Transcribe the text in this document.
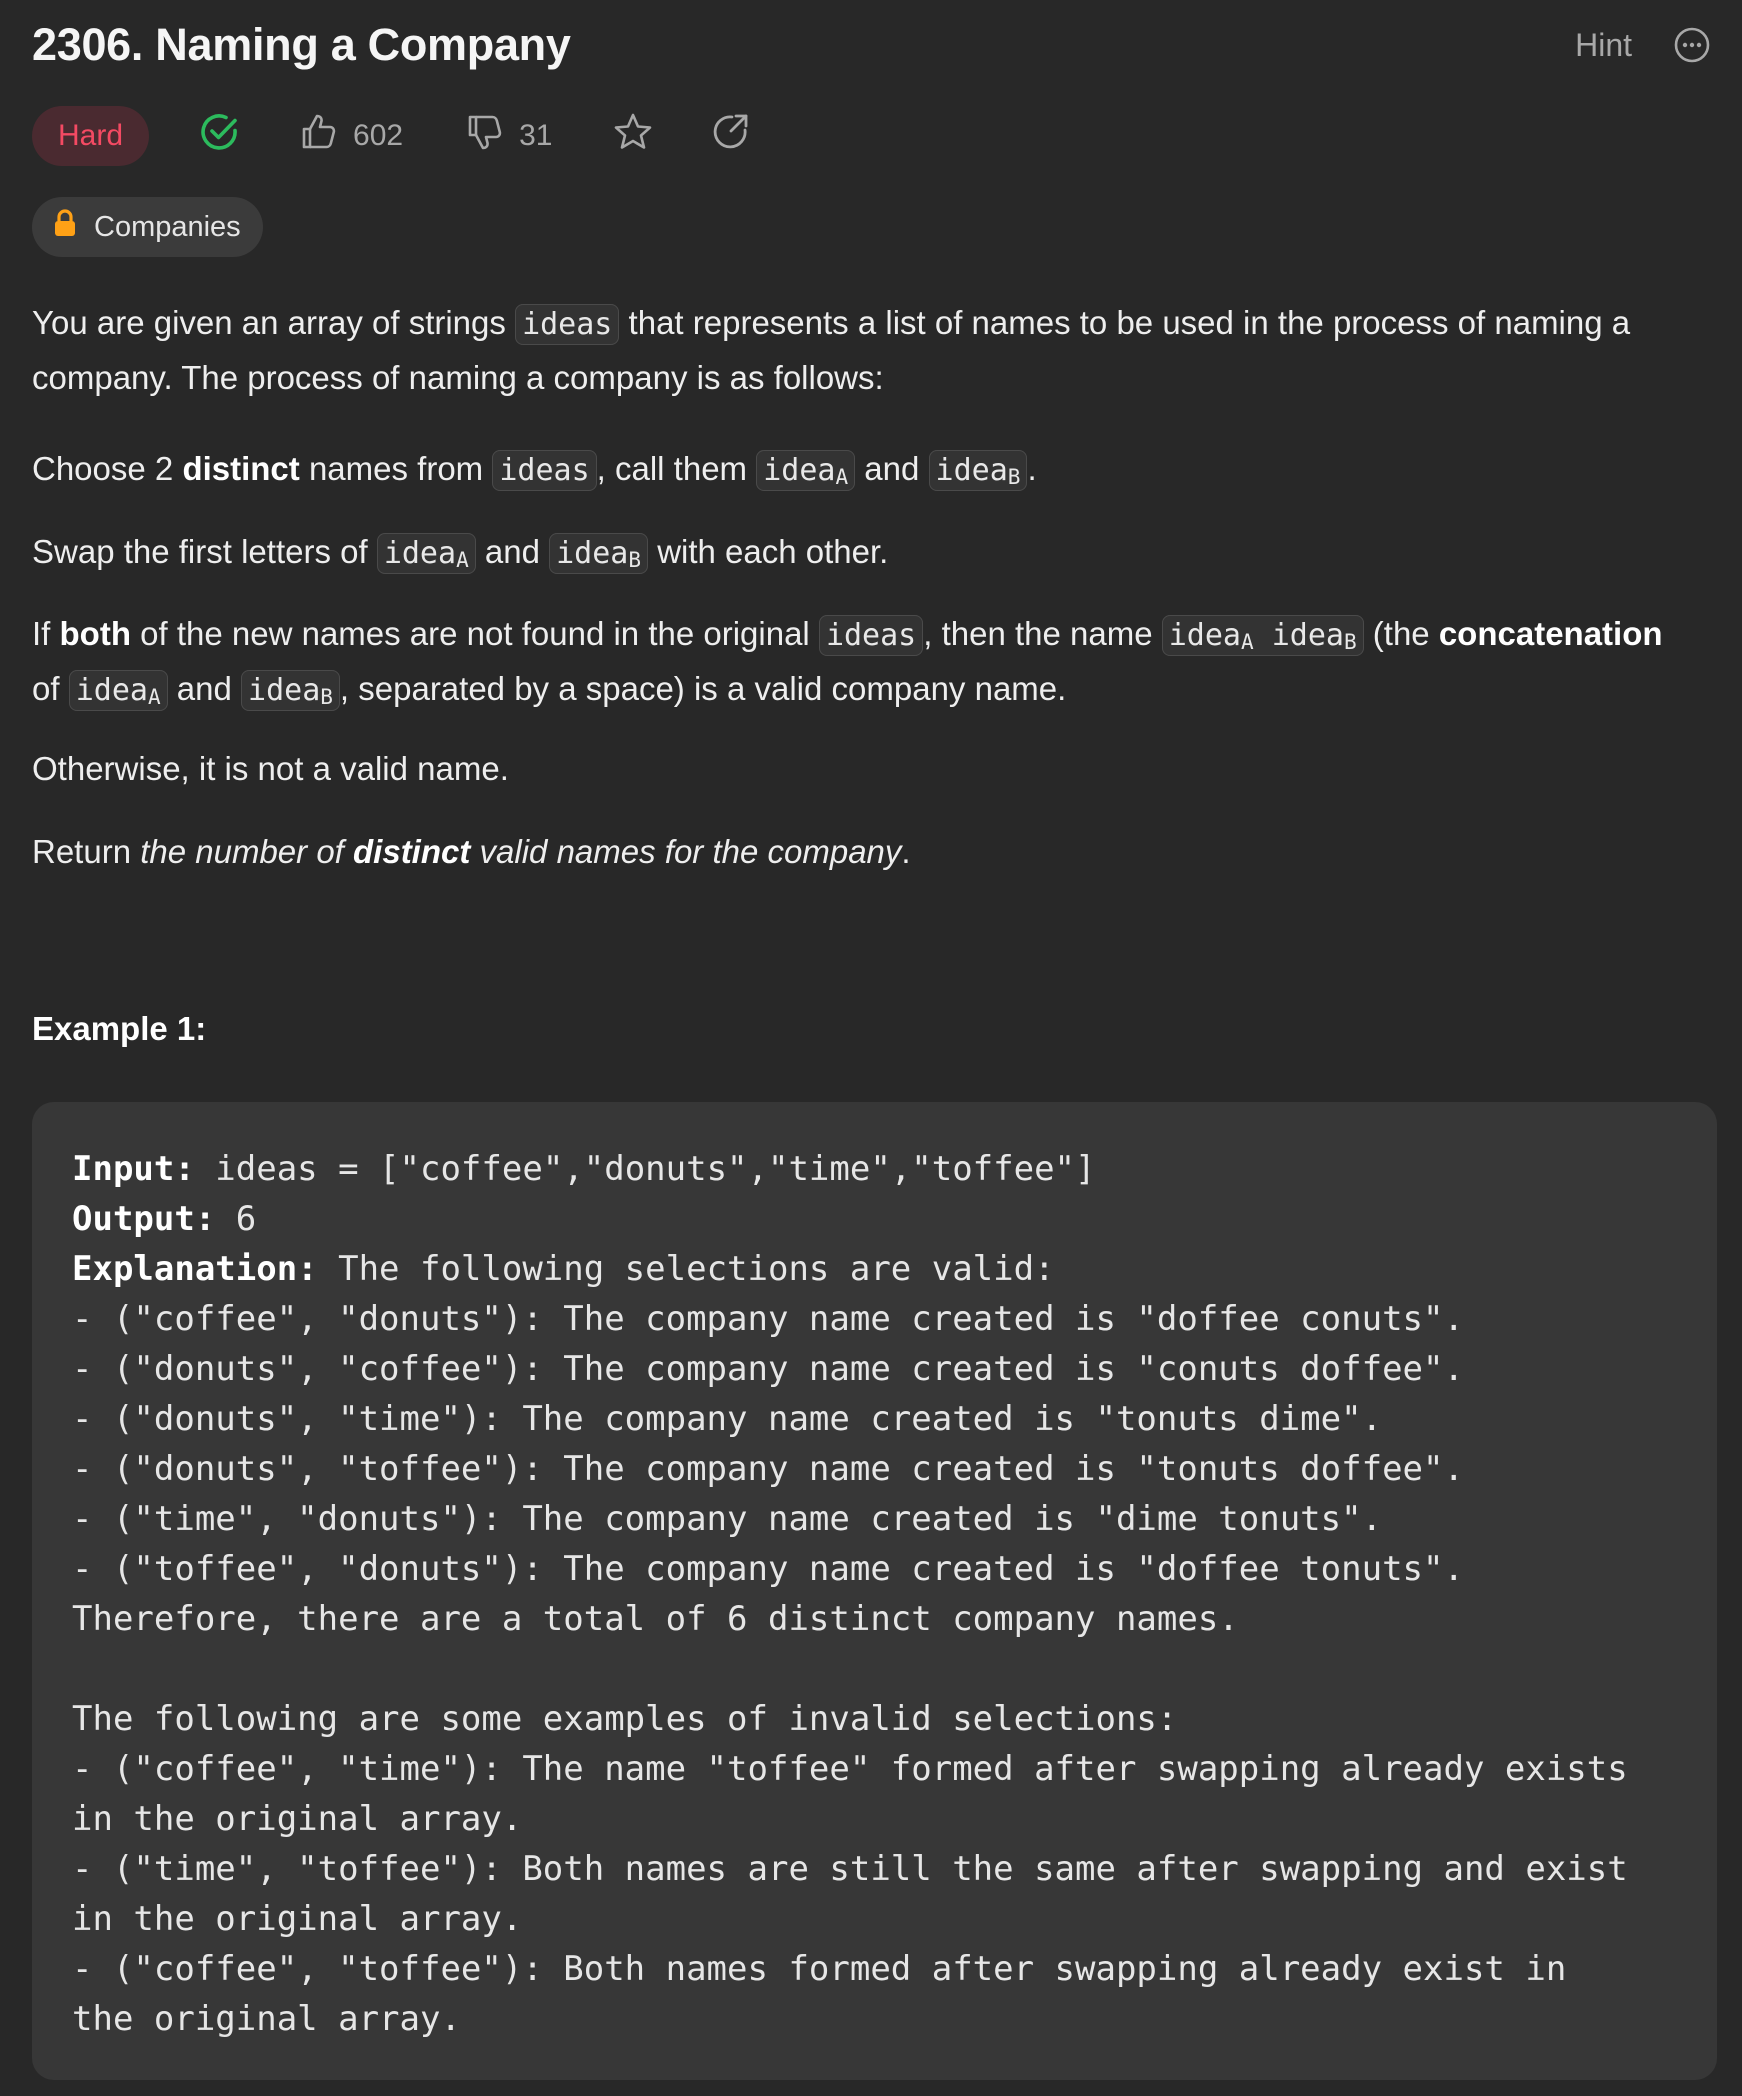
2306. Naming a Company	Hint
Hard	602	31
Companies

You are given an array of strings ideas that represents a list of names to be used in the process of naming a company. The process of naming a company is as follows:

Choose 2 distinct names from ideas , call them idea$_A$ and idea$_B$ .

Swap the first letters of idea$_A$ and idea$_B$ with each other.

If both of the new names are not found in the original ideas , then the name idea$_A$ idea$_B$ (the concatenation of idea$_A$ and idea$_B$ , separated by a space) is a valid company name.

Otherwise, it is not a valid name.

Return the number of distinct valid names for the company.

Example 1:
Input: ideas = ["coffee","donuts","time","toffee"]
Output: 6
Explanation: The following selections are valid:
- ("coffee", "donuts"): The company name created is "doffee conuts".
- ("donuts", "coffee"): The company name created is "conuts doffee".
- ("donuts", "time"): The company name created is "tonuts dime".
- ("donuts", "toffee"): The company name created is "tonuts doffee".
- ("time", "donuts"): The company name created is "dime tonuts".
- ("toffee", "donuts"): The company name created is "doffee tonuts".
Therefore, there are a total of 6 distinct company names.
The following are some examples of invalid selections:
- ("coffee", "time"): The name "toffee" formed after swapping already exists
in the original array.
- ("time", "toffee"): Both names are still the same after swapping and exist
in the original array.
- ("coffee", "toffee"): Both names formed after swapping already exist in
the original array.
